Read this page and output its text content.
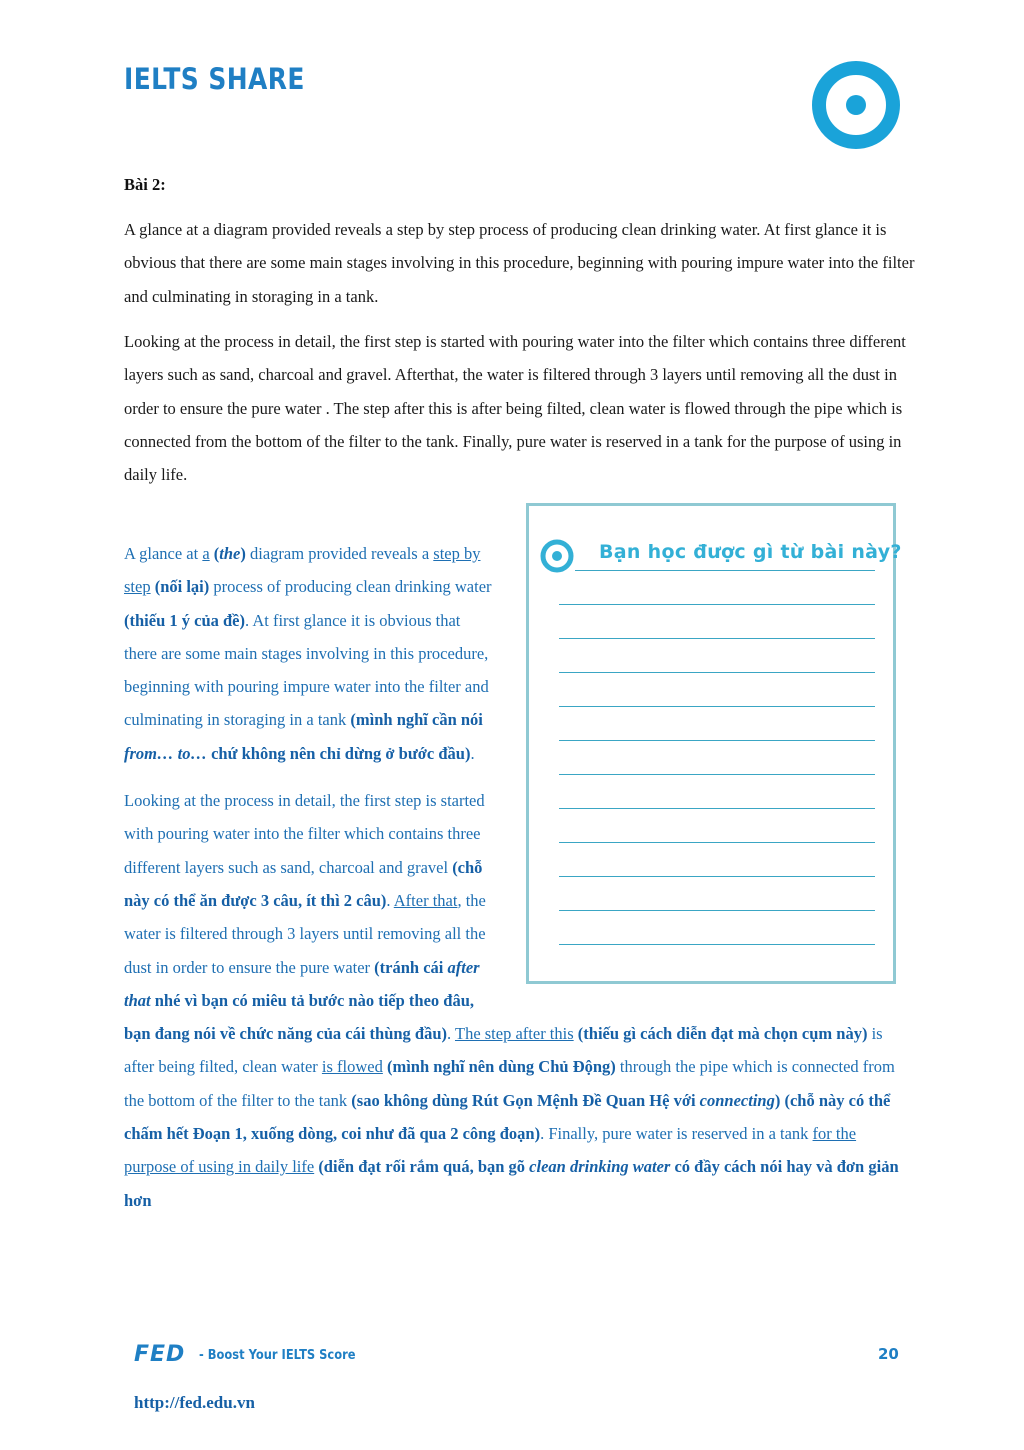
IELTS SHARE

Bài 2:

A glance at a diagram provided reveals a step by step process of producing clean drinking water. At first glance it is obvious that there are some main stages involving in this procedure, beginning with pouring impure water into the filter and culminating in storaging in a tank.

Looking at the process in detail, the first step is started with pouring water into the filter which contains three different layers such as sand, charcoal and gravel. Afterthat, the water is filtered through 3 layers until removing all the dust in order to ensure the pure water . The step after this is after being filted, clean water is flowed through the pipe which is connected from the bottom of the filter to the tank. Finally, pure water is reserved in a tank for the purpose of using in daily life.

Bạn học được gì từ bài này?

A glance at a (the) diagram provided reveals a step by step (nối lại) process of producing clean drinking water (thiếu 1 ý của đề). At first glance it is obvious that there are some main stages involving in this procedure, beginning with pouring impure water into the filter and culminating in storaging in a tank (mình nghĩ cần nói from… to… chứ không nên chỉ dừng ở bước đầu).

Looking at the process in detail, the first step is started with pouring water into the filter which contains three different layers such as sand, charcoal and gravel (chỗ này có thể ăn được 3 câu, ít thì 2 câu). After that, the water is filtered through 3 layers until removing all the dust in order to ensure the pure water (tránh cái after that nhé vì bạn có miêu tả bước nào tiếp theo đâu, bạn đang nói về chức năng của cái thùng đầu). The step after this (thiếu gì cách diễn đạt mà chọn cụm này) is after being filted, clean water is flowed (mình nghĩ nên dùng Chủ Động) through the pipe which is connected from the bottom of the filter to the tank (sao không dùng Rút Gọn Mệnh Đề Quan Hệ với connecting) (chỗ này có thể chấm hết Đoạn 1, xuống dòng, coi như đã qua 2 công đoạn). Finally, pure water is reserved in a tank for the purpose of using in daily life (diễn đạt rối rắm quá, bạn gõ clean drinking water có đầy cách nói hay và đơn giản hơn

FED - Boost Your IELTS Score	20
http://fed.edu.vn
